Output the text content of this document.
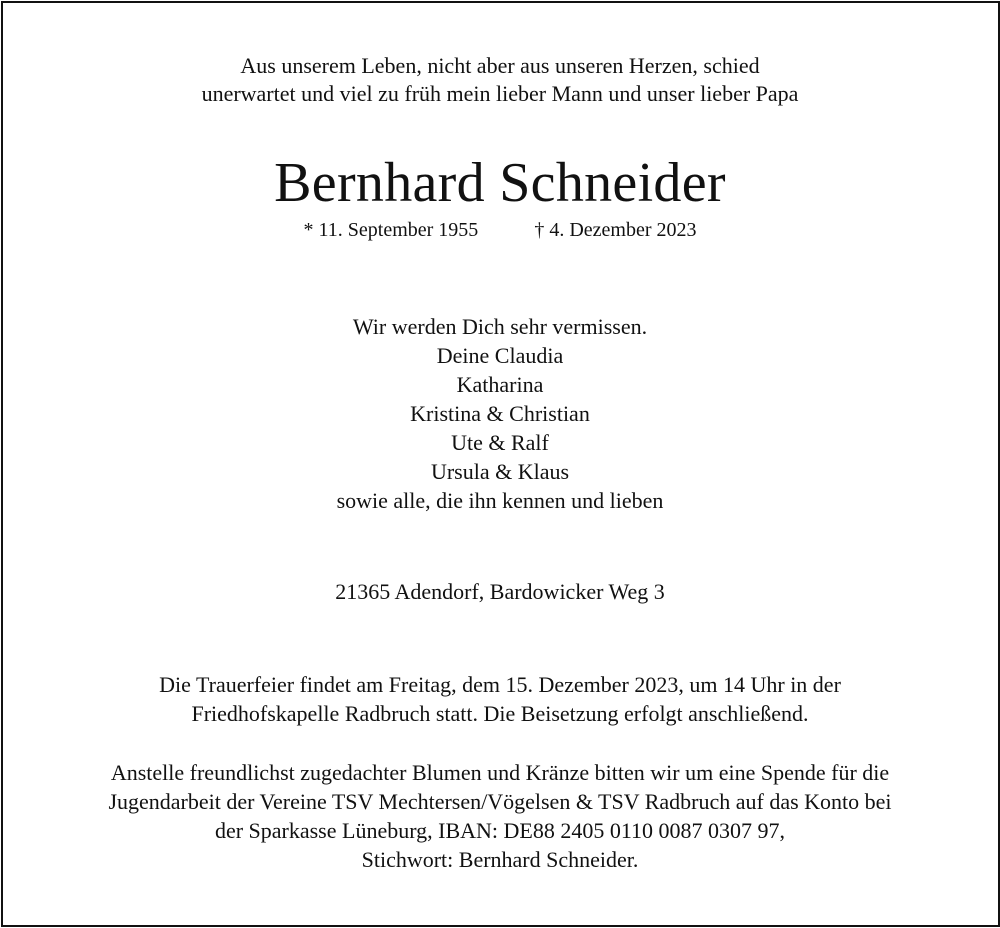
Aus unserem Leben, nicht aber aus unseren Herzen, schied
unerwartet und viel zu früh mein lieber Mann und unser lieber Papa
Bernhard Schneider
* 11. September 1955	† 4. Dezember 2023
Wir werden Dich sehr vermissen.
Deine Claudia
Katharina
Kristina & Christian
Ute & Ralf
Ursula & Klaus
sowie alle, die ihn kennen und lieben
21365 Adendorf, Bardowicker Weg 3
Die Trauerfeier findet am Freitag, dem 15. Dezember 2023, um 14 Uhr in der
Friedhofskapelle Radbruch statt. Die Beisetzung erfolgt anschließend.
Anstelle freundlichst zugedachter Blumen und Kränze bitten wir um eine Spende für die
Jugendarbeit der Vereine TSV Mechtersen/Vögelsen & TSV Radbruch auf das Konto bei
der Sparkasse Lüneburg, IBAN: DE88 2405 0110 0087 0307 97,
Stichwort: Bernhard Schneider.
